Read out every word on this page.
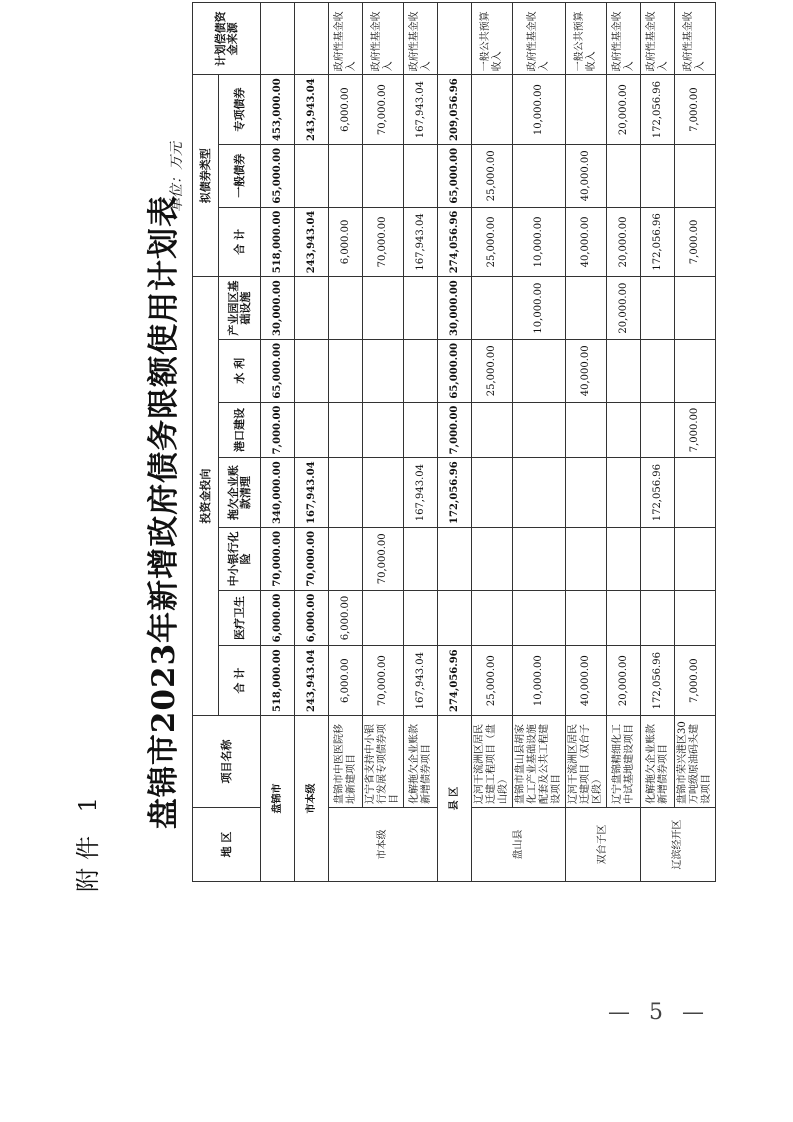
附件 1
盘锦市2023年新增政府债务限额使用计划表
单位：万元
地 区	项目名称	投资金投向							拟债券类型			计划偿债资金来源
		合 计	医疗卫生	中小银行化险	拖欠企业账款清理	港口建设	水 利	产业园区基础设施	合 计	一般债券	专项债券	
盘锦市		518,000.00	6,000.00	70,000.00	340,000.00	7,000.00	65,000.00	30,000.00	518,000.00	65,000.00	453,000.00	
市本级		243,943.04	6,000.00	70,000.00	167,943.04				243,943.04		243,943.04	
市本级	盘锦市中医医院移址新建项目	6,000.00	6,000.00						6,000.00		6,000.00	政府性基金收入
	辽宁省支持中小银行发展专项债券项目	70,000.00		70,000.00					70,000.00		70,000.00	政府性基金收入
	化解拖欠企业账款新增债券项目	167,943.04			167,943.04				167,943.04		167,943.04	政府性基金收入
县 区		274,056.96			172,056.96	7,000.00	65,000.00	30,000.00	274,056.96	65,000.00	209,056.96	
盘山县	辽河干流洲区居民迁建工程项目（盘山段）	25,000.00					25,000.00		25,000.00	25,000.00		一般公共预算收入
	盘锦市盘山县胡家化工产业基础设施配套及公共工程建设项目	10,000.00						10,000.00	10,000.00		10,000.00	政府性基金收入
双台子区	辽河干流洲区居民迁建项目（双台子区段）	40,000.00					40,000.00		40,000.00	40,000.00		一般公共预算收入
	辽宁盘锦精细化工中试基地建设项目	20,000.00						20,000.00	20,000.00		20,000.00	政府性基金收入
辽滨经开区	化解拖欠企业账款新增债券项目	172,056.96			172,056.96				172,056.96		172,056.96	政府性基金收入
	盘锦市荣兴港区30万吨级原油码头建设项目	7,000.00				7,000.00			7,000.00		7,000.00	政府性基金收入
— 5 —
